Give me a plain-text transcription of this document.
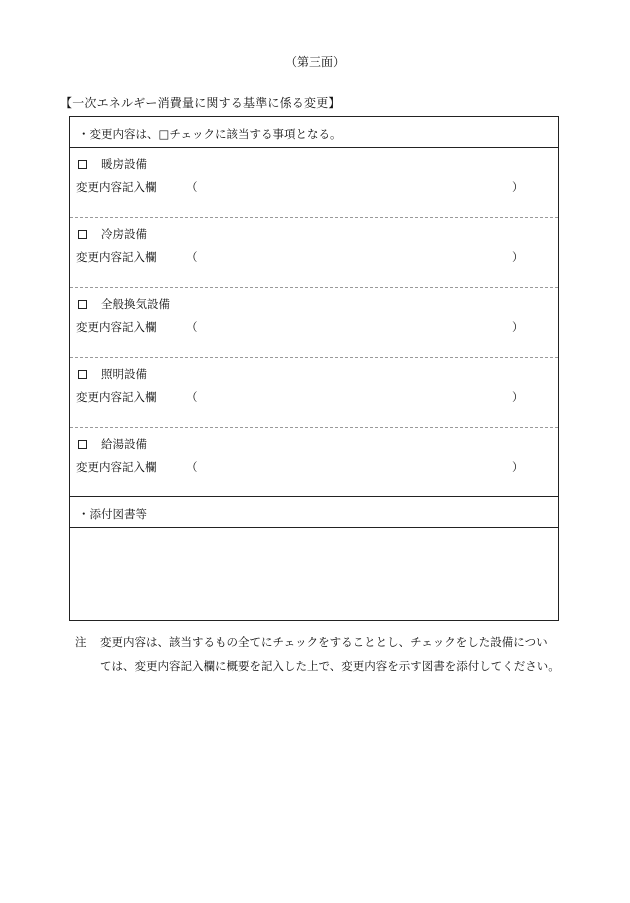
（第三面）
【一次エネルギー消費量に関する基準に係る変更】
・変更内容は、□チェックに該当する事項となる。
暖房設備
変更内容記入欄	（	）
冷房設備
変更内容記入欄	（	）
全般換気設備
変更内容記入欄	（	）
照明設備
変更内容記入欄	（	）
給湯設備
変更内容記入欄	（	）
・添付図書等
注	変更内容は、該当するもの全てにチェックをすることとし、チェックをした設備につい
ては、変更内容記入欄に概要を記入した上で、変更内容を示す図書を添付してください。
